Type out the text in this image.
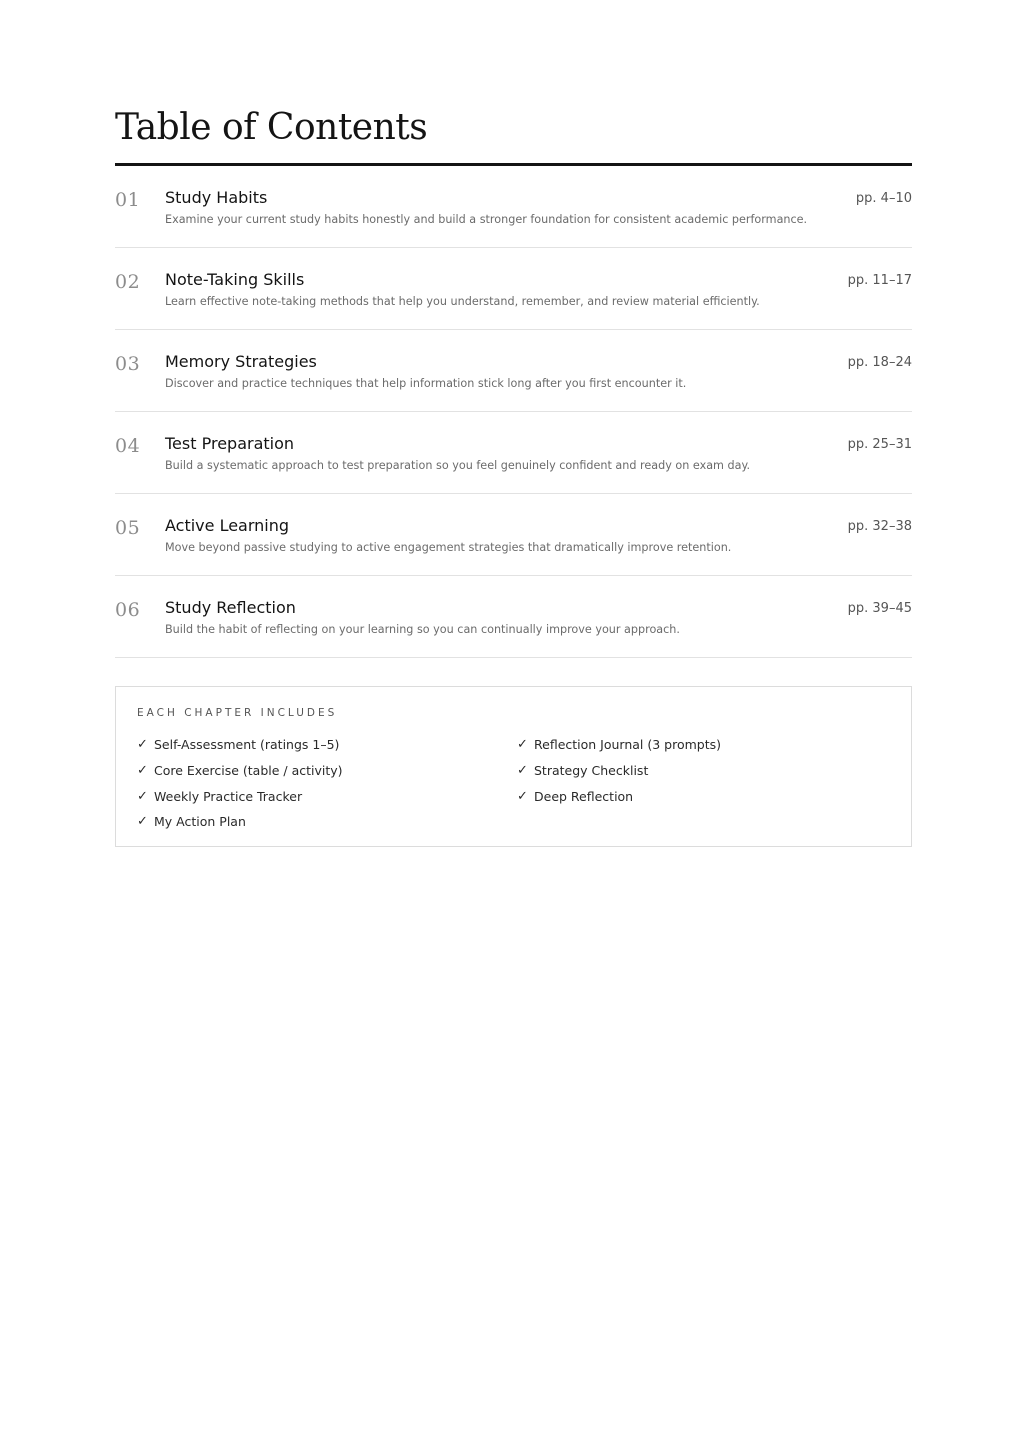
Table of Contents
01 Study Habits
Examine your current study habits honestly and build a stronger foundation for consistent academic performance.
pp. 4–10
02 Note-Taking Skills
Learn effective note-taking methods that help you understand, remember, and review material efficiently.
pp. 11–17
03 Memory Strategies
Discover and practice techniques that help information stick long after you first encounter it.
pp. 18–24
04 Test Preparation
Build a systematic approach to test preparation so you feel genuinely confident and ready on exam day.
pp. 25–31
05 Active Learning
Move beyond passive studying to active engagement strategies that dramatically improve retention.
pp. 32–38
06 Study Reflection
Build the habit of reflecting on your learning so you can continually improve your approach.
pp. 39–45
EACH CHAPTER INCLUDES
✓ Self-Assessment (ratings 1–5)
✓ Core Exercise (table / activity)
✓ Weekly Practice Tracker
✓ My Action Plan
✓ Reflection Journal (3 prompts)
✓ Strategy Checklist
✓ Deep Reflection
